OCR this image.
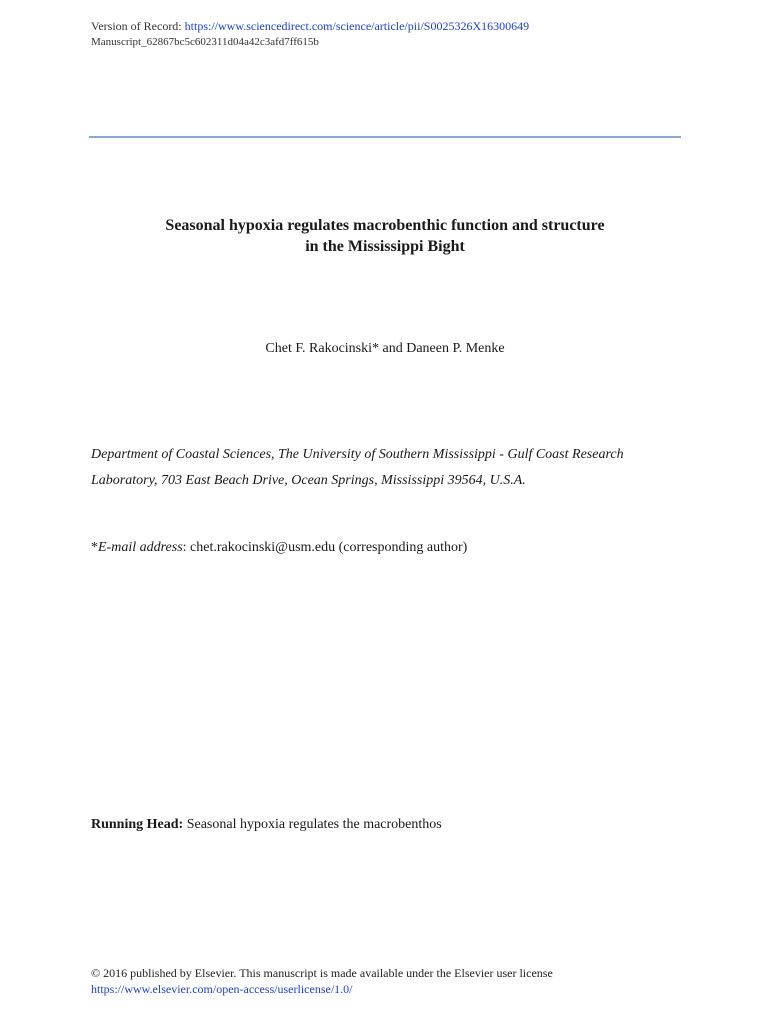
Version of Record: https://www.sciencedirect.com/science/article/pii/S0025326X16300649
Manuscript_62867bc5c602311d04a42c3afd7ff615b
Seasonal hypoxia regulates macrobenthic function and structure
in the Mississippi Bight
Chet F. Rakocinski* and Daneen P. Menke
Department of Coastal Sciences, The University of Southern Mississippi - Gulf Coast Research
Laboratory, 703 East Beach Drive, Ocean Springs, Mississippi 39564, U.S.A.
*E-mail address: chet.rakocinski@usm.edu (corresponding author)
Running Head: Seasonal hypoxia regulates the macrobenthos
© 2016 published by Elsevier. This manuscript is made available under the Elsevier user license
https://www.elsevier.com/open-access/userlicense/1.0/
